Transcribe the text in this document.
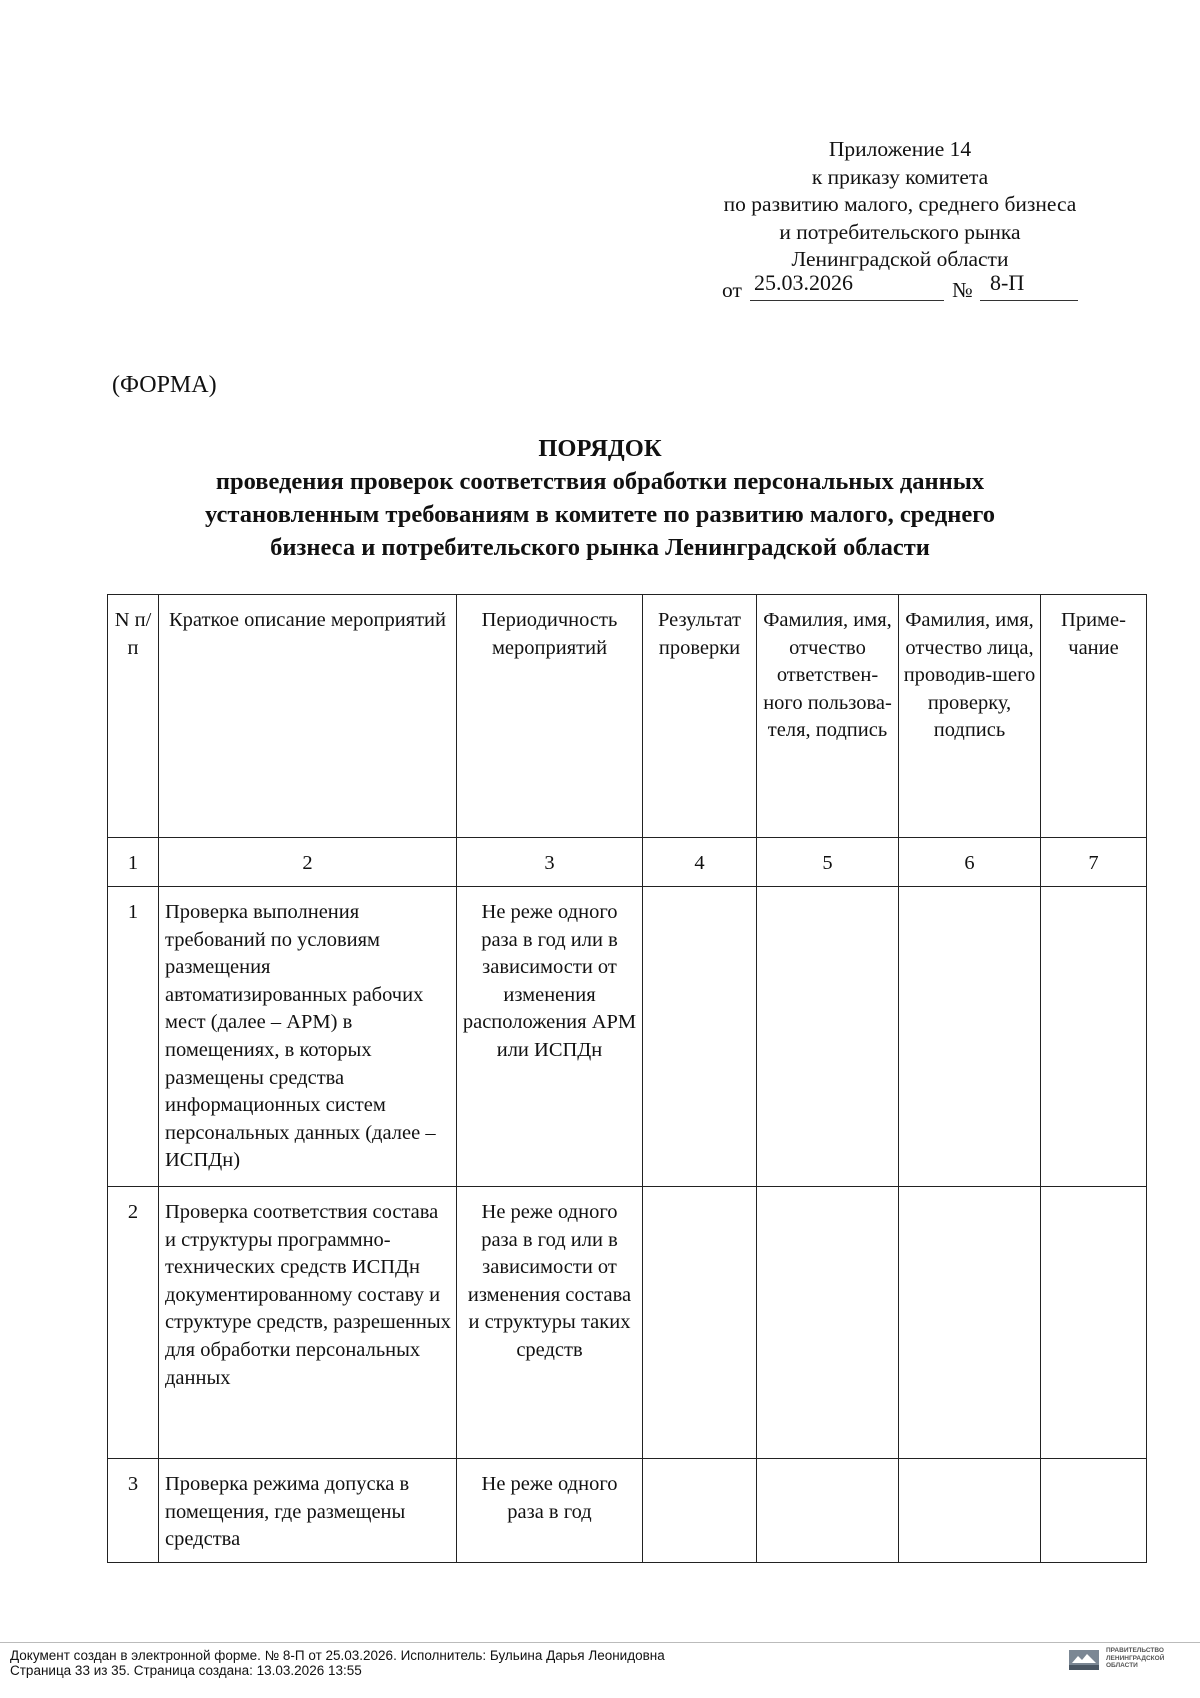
Приложение 14
к приказу комитета
по развитию малого, среднего бизнеса
и потребительского рынка
Ленинградской области
от 25.03.2026	№ 8-П
(ФОРМА)
ПОРЯДОК
проведения проверок соответствия обработки персональных данных
установленным требованиям в комитете по развитию малого, среднего
бизнеса и потребительского рынка Ленинградской области
N п/п	Краткое описание мероприятий	Периодичность мероприятий	Результат проверки	Фамилия, имя, отчество ответствен-ного пользова-теля, подпись	Фамилия, имя, отчество лица, проводив-шего проверку, подпись	Приме-чание
1	2	3	4	5	6	7
1	Проверка выполнения требований по условиям размещения автоматизированных рабочих мест (далее – АРМ) в помещениях, в которых размещены средства информационных систем персональных данных (далее – ИСПДн)	Не реже одного раза в год или в зависимости от изменения расположения АРМ или ИСПДн				
2	Проверка соответствия состава и структуры программно-технических средств ИСПДн документированному составу и структуре средств, разрешенных для обработки персональных данных	Не реже одного раза в год или в зависимости от изменения состава и структуры таких средств				
3	Проверка режима допуска в помещения, где размещены средства	Не реже одного раза в год				
Документ создан в электронной форме. № 8-П от 25.03.2026. Исполнитель: Бульина Дарья Леонидовна
Страница 33 из 35. Страница создана: 13.03.2026 13:55
ПРАВИТЕЛЬСТВО ЛЕНИНГРАДСКОЙ ОБЛАСТИ
